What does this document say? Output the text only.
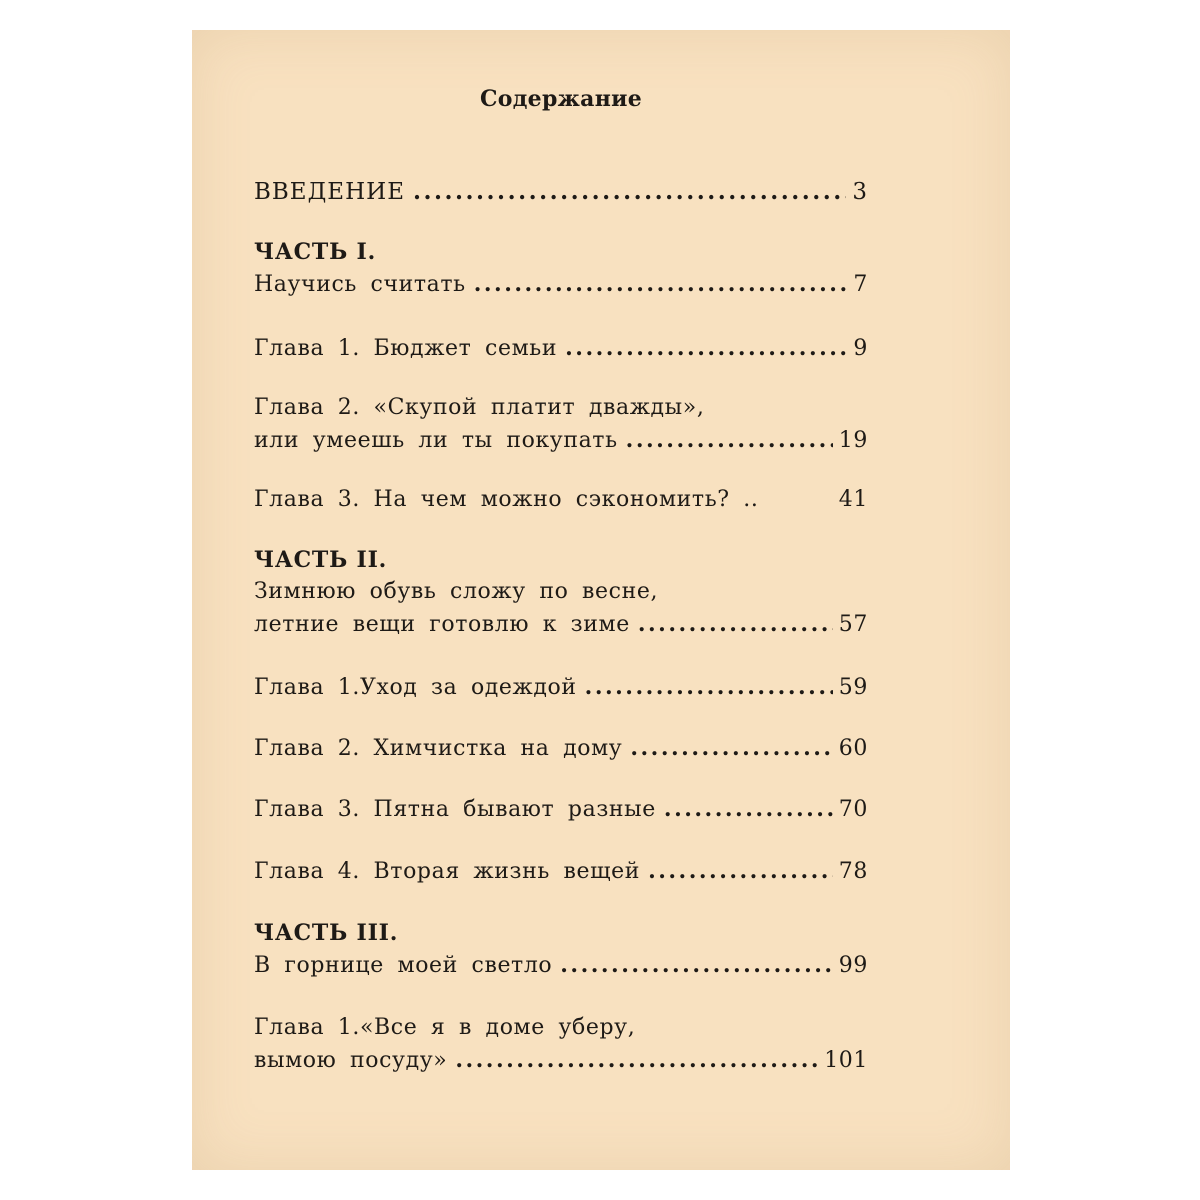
Содержание
ВВЕДЕНИЕ .....	3
ЧАСТЬ I.
Научись считать .....	7
Глава 1. Бюджет семьи .....	9
Глава 2. «Скупой платит дважды»,
или умеешь ли ты покупать .....	19
Глава 3. На чем можно сэкономить? ..	41
ЧАСТЬ II.
Зимнюю обувь сложу по весне,
летние вещи готовлю к зиме .....	57
Глава 1.Уход за одеждой .....	59
Глава 2. Химчистка на дому .....	60
Глава 3. Пятна бывают разные .....	70
Глава 4. Вторая жизнь вещей .....	78
ЧАСТЬ III.
В горнице моей светло .....	99
Глава 1.«Все я в доме уберу,
вымою посуду» .....	101
